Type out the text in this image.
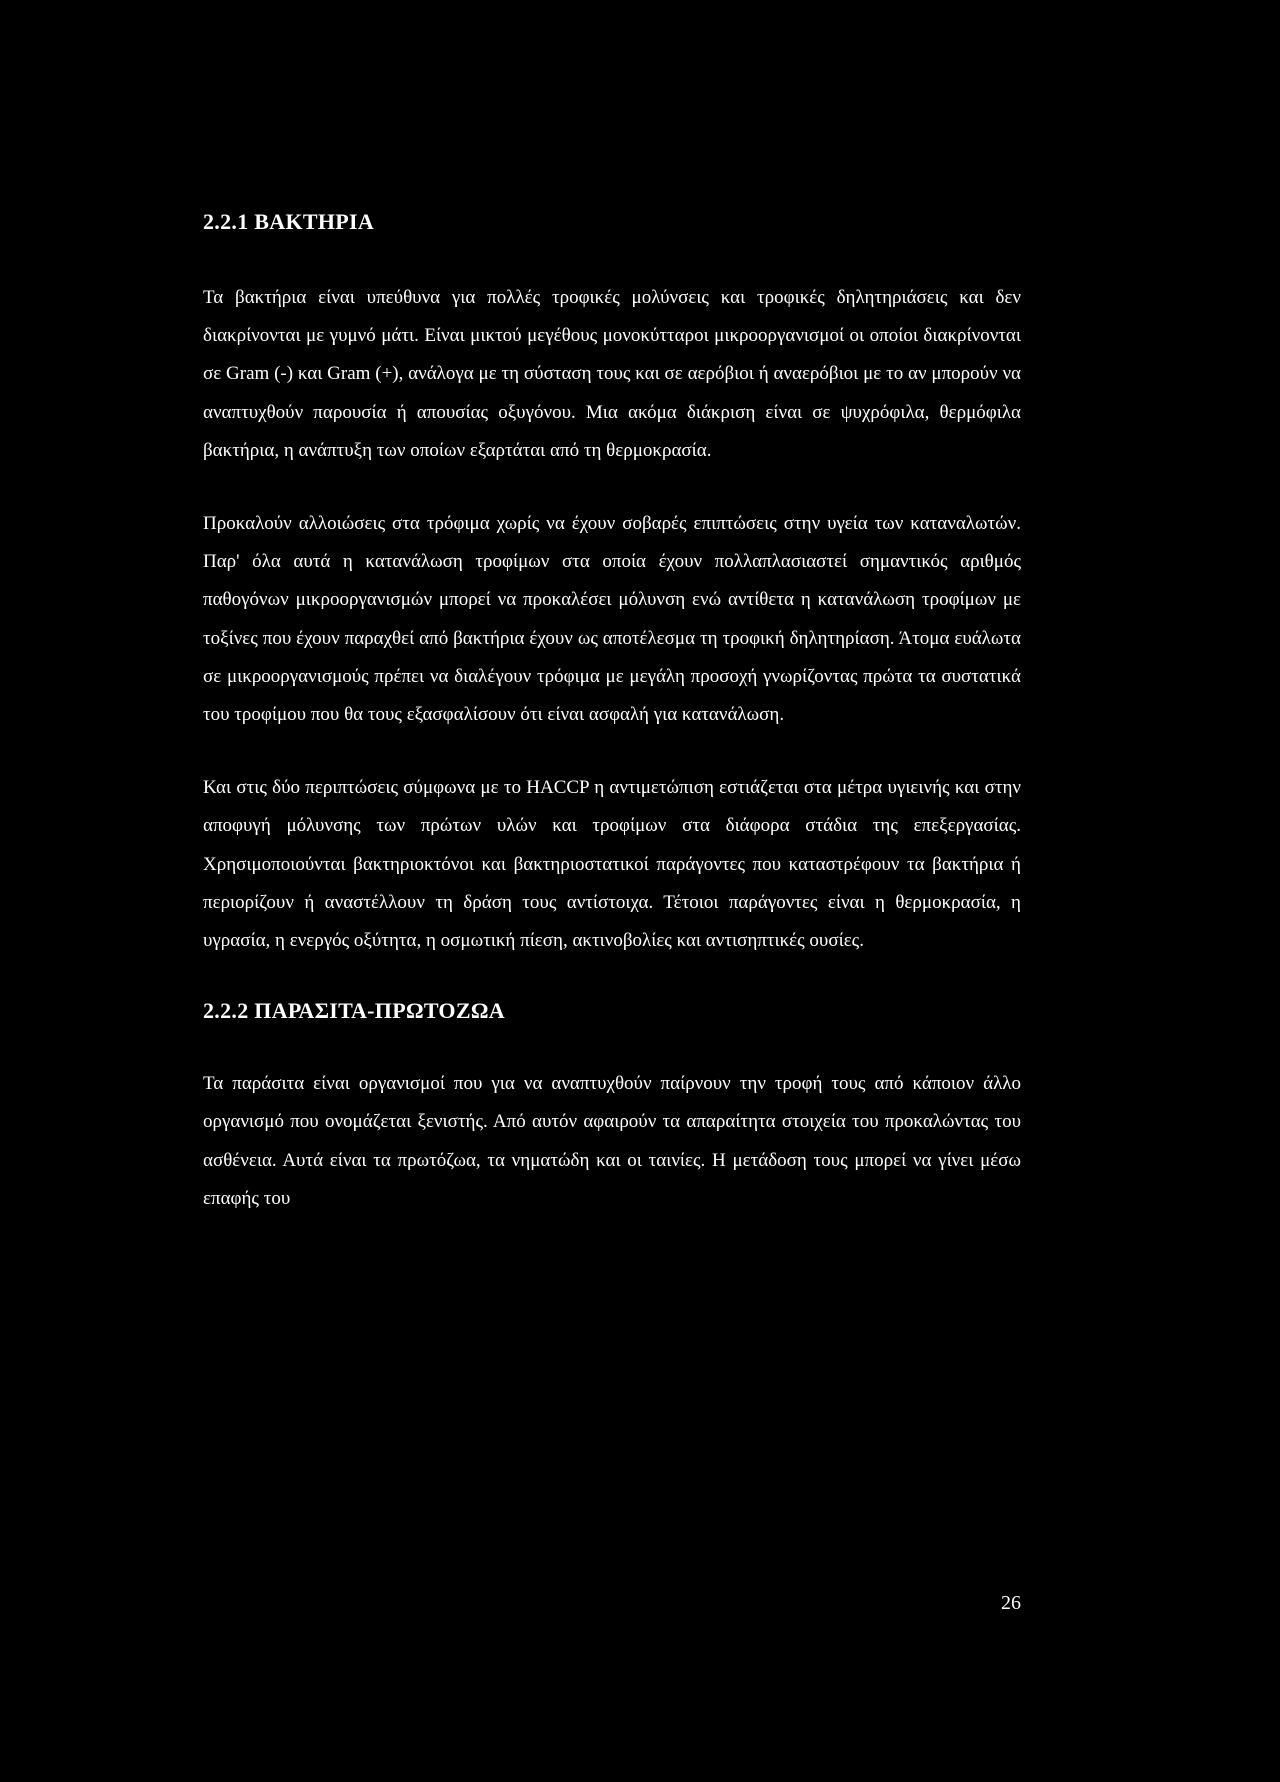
2.2.1 ΒΑΚΤΗΡΙΑ

Τα βακτήρια είναι υπεύθυνα για πολλές τροφικές μολύνσεις και τροφικές δηλητηριάσεις και δεν διακρίνονται με γυμνό μάτι. Είναι μικτού μεγέθους μονοκύτταροι μικροοργανισμοί οι οποίοι διακρίνονται σε Gram (-) και Gram (+), ανάλογα με τη σύσταση τους και σε αερόβιοι ή αναερόβιοι με το αν μπορούν να αναπτυχθούν παρουσία ή απουσίας οξυγόνου. Μια ακόμα διάκριση είναι σε ψυχρόφιλα, θερμόφιλα βακτήρια, η ανάπτυξη των οποίων εξαρτάται από τη θερμοκρασία.

Προκαλούν αλλοιώσεις στα τρόφιμα χωρίς να έχουν σοβαρές επιπτώσεις στην υγεία των καταναλωτών. Παρ' όλα αυτά η κατανάλωση τροφίμων στα οποία έχουν πολλαπλασιαστεί σημαντικός αριθμός παθογόνων μικροοργανισμών μπορεί να προκαλέσει μόλυνση ενώ αντίθετα η κατανάλωση τροφίμων με τοξίνες που έχουν παραχθεί από βακτήρια έχουν ως αποτέλεσμα τη τροφική δηλητηρίαση. Άτομα ευάλωτα σε μικροοργανισμούς πρέπει να διαλέγουν τρόφιμα με μεγάλη προσοχή γνωρίζοντας πρώτα τα συστατικά του τροφίμου που θα τους εξασφαλίσουν ότι είναι ασφαλή για κατανάλωση.

Και στις δύο περιπτώσεις σύμφωνα με το HACCP η αντιμετώπιση εστιάζεται στα μέτρα υγιεινής και στην αποφυγή μόλυνσης των πρώτων υλών και τροφίμων στα διάφορα στάδια της επεξεργασίας. Χρησιμοποιούνται βακτηριοκτόνοι και βακτηριοστατικοί παράγοντες που καταστρέφουν τα βακτήρια ή περιορίζουν ή αναστέλλουν τη δράση τους αντίστοιχα. Τέτοιοι παράγοντες είναι η θερμοκρασία, η υγρασία, η ενεργός οξύτητα, η οσμωτική πίεση, ακτινοβολίες και αντισηπτικές ουσίες.

2.2.2 ΠΑΡΑΣΙΤΑ-ΠΡΩΤΟΖΩΑ

Τα παράσιτα είναι οργανισμοί που για να αναπτυχθούν παίρνουν την τροφή τους από κάποιον άλλο οργανισμό που ονομάζεται ξενιστής. Από αυτόν αφαιρούν τα απαραίτητα στοιχεία του προκαλώντας του ασθένεια. Αυτά είναι τα πρωτόζωα, τα νηματώδη και οι ταινίες. Η μετάδοση τους μπορεί να γίνει μέσω επαφής του

26
